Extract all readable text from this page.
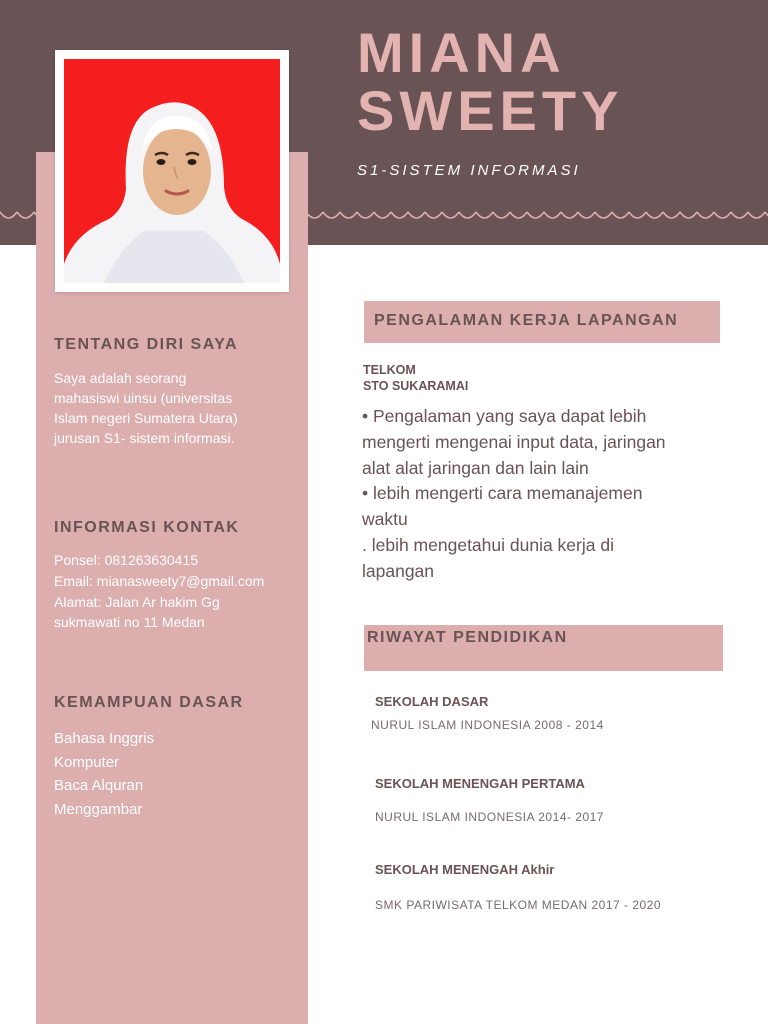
MIANA
SWEETY
S1-SISTEM INFORMASI
TENTANG DIRI SAYA
Saya adalah seorang
mahasiswi uinsu (universitas
Islam negeri Sumatera Utara)
jurusan S1- sistem informasi.
INFORMASI KONTAK
Ponsel: 081263630415
Email: mianasweety7@gmail.com
Alamat: Jalan Ar hakim Gg
sukmawati no 11 Medan
KEMAMPUAN DASAR
Bahasa Inggris
Komputer
Baca Alquran
Menggambar
PENGALAMAN KERJA LAPANGAN
TELKOM
STO SUKARAMAI
• Pengalaman yang saya dapat lebih
mengerti mengenai input data, jaringan
alat alat jaringan dan lain lain
• lebih mengerti cara memanajemen
waktu
. lebih mengetahui dunia kerja di
lapangan
RIWAYAT PENDIDIKAN
SEKOLAH DASAR
NURUL ISLAM INDONESIA 2008 - 2014
SEKOLAH MENENGAH PERTAMA
NURUL ISLAM INDONESIA 2014- 2017
SEKOLAH MENENGAH Akhir
SMK PARIWISATA TELKOM MEDAN 2017 - 2020
